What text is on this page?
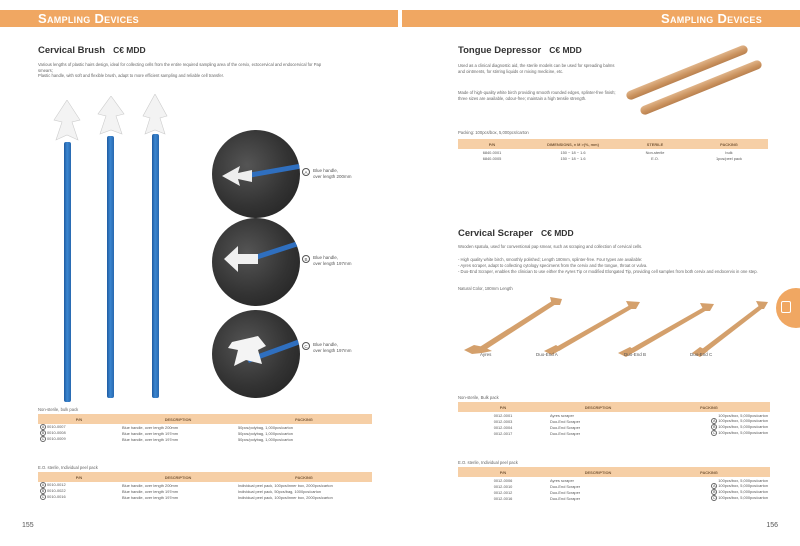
Sampling Devices
Cervical Brush C€ MDD
Various lengths of plastic hairs design, ideal for collecting cells from the entire required sampling area of the cervix, ectocervical and endocervical for Pap smears;
Plastic handle, with soft and flexible brush, adapt to more efficient sampling and reliable cell transfer.
A Blue handle,
over length 200mm
B Blue handle,
over length 197mm
C Blue handle,
over length 197mm
Non-sterile, bulk pack
P/N	DESCRIPTION	PACKING
A 0010-0007	Blue handle, over length 200mm	50pcs/polybag, 1,000pcs/carton
B 0010-0008	Blue handle, over length 197mm	50pcs/polybag, 1,000pcs/carton
C 0010-0009	Blue handle, over length 197mm	50pcs/polybag, 1,000pcs/carton
E.O. sterile, Individual peel pack
P/N	DESCRIPTION	PACKING
A 0010-0012	Blue handle, over length 200mm	Individual peel pack, 100pcs/inner box, 2000pcs/carton
B 0010-0022	Blue handle, over length 197mm	Individual peel pack, 50pcs/bag, 1000pcs/carton
C 0010-0016	Blue handle, over length 197mm	Individual peel pack, 100pcs/inner box, 2000pcs/carton
155
Sampling Devices
Tongue Depressor C€ MDD
Used as a clinical diagnostic aid, the sterile models can be used for spreading balms and ointments, for stirring liquids or mixing medicine, etc.
Made of high-quality white birch providing smooth rounded edges, splinter-free finish; three sizes are available, odour-free; maintain a high tensile strength.
Packing: 100pcs/box, 5,000pcs/carton
P/N	DIMENSIONS, ± M >(%, mm)	STERILE	PACKING
6840-0001	150 ~ 18 ~ 1.6	Non-sterile	bulk
6840-0005	150 ~ 18 ~ 1.6	E.O.	1pcs/peel pack
Cervical Scraper C€ MDD
Wooden spatula, used for conventional pap smear, such as scraping and collection of cervical cells.
- High quality white birch, smoothly polished; Length 180mm, splinter-free. Four types are available:
- Ayres scraper, adapt to collecting cytology specimens from the cervix and the tongue, throat or vulva.
- Duo-End Scraper, enables the clinician to use either the Ayres Tip or modified Elongated Tip, providing cell samples from both cervix and endocervix in one step.
Natural Color, 180mm Length
Ayres	Duo-End A	Duo-End B	Duo-End C
Non-sterile, Bulk pack
P/N	DESCRIPTION	PACKING
0012-0001	Ayres scraper	100pcs/box, 5,000pcs/carton
0012-0003	Duo-End Scraper	A 100pcs/box, 5,000pcs/carton
0012-0004	Duo-End Scraper	B 100pcs/box, 5,000pcs/carton
0012-0017	Duo-End Scraper	C 100pcs/box, 5,000pcs/carton
E.O. sterile, Individual peel pack
P/N	DESCRIPTION	PACKING
0012-0006	Ayres scraper	100pcs/box, 5,000pcs/carton
0012-0010	Duo-End Scraper	A 100pcs/box, 5,000pcs/carton
0012-0012	Duo-End Scraper	B 100pcs/box, 5,000pcs/carton
0012-0016	Duo-End Scraper	C 100pcs/box, 5,000pcs/carton
156
